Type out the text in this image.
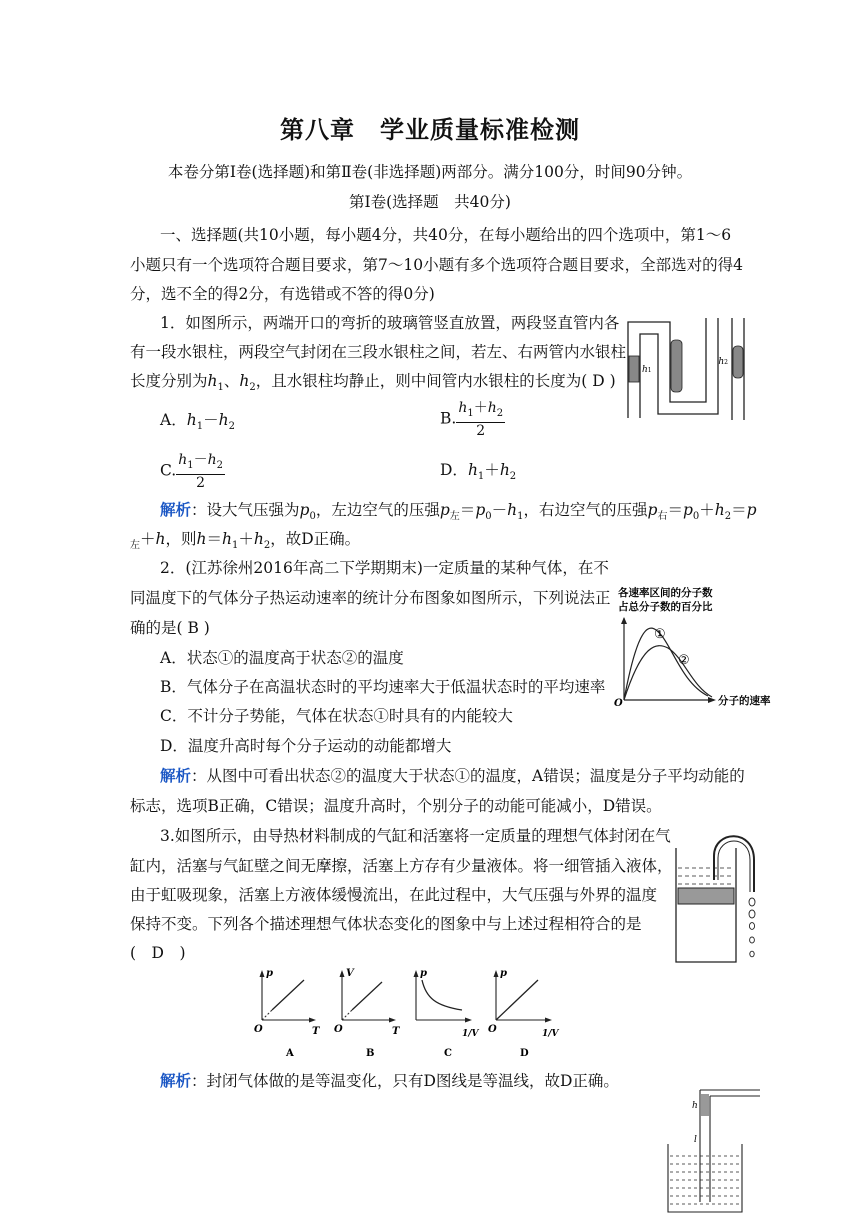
第八章　学业质量标准检测
本卷分第Ⅰ卷(选择题)和第Ⅱ卷(非选择题)两部分。满分100分，时间90分钟。
第Ⅰ卷(选择题　共40分)
一、选择题(共10小题，每小题4分，共40分，在每小题给出的四个选项中，第1～6
小题只有一个选项符合题目要求，第7～10小题有多个选项符合题目要求，全部选对的得4
分，选不全的得2分，有选错或不答的得0分)
1．如图所示，两端开口的弯折的玻璃管竖直放置，两段竖直管内各
有一段水银柱，两段空气封闭在三段水银柱之间，若左、右两管内水银柱
长度分别为$h_1$、$h_2$，且水银柱均静止，则中间管内水银柱的长度为( D )
A．$h_1-h_2$	B. $\frac{h_1+h_2}{2}$
C. $\frac{h_1-h_2}{2}$	D．$h_1+h_2$
解析：设大气压强为$p_0$，左边空气的压强$p_左=p_0-h_1$，右边空气的压强$p_右=p_0+h_2=p$
$_左$＋h，则$h=h_1+h_2$，故D正确。
h1
h2
2．(江苏徐州2016年高二下学期期末)一定质量的某种气体，在不
同温度下的气体分子热运动速率的统计分布图象如图所示，下列说法正
确的是( B )
A．状态①的温度高于状态②的温度
B．气体分子在高温状态时的平均速率大于低温状态时的平均速率
C．不计分子势能，气体在状态①时具有的内能较大
D．温度升高时每个分子运动的动能都增大
解析：从图中可看出状态②的温度大于状态①的温度，A错误；温度是分子平均动能的
标志，选项B正确，C错误；温度升高时，个别分子的动能可能减小，D错误。
各速率区间的分子数
占总分子数的百分比
O	分子的速率
①
②
3.如图所示，由导热材料制成的气缸和活塞将一定质量的理想气体封闭在气
缸内，活塞与气缸壁之间无摩擦，活塞上方存有少量液体。将一细管插入液体，
由于虹吸现象，活塞上方液体缓慢流出，在此过程中，大气压强与外界的温度
保持不变。下列各个描述理想气体状态变化的图象中与上述过程相符合的是
(　D　)
p
O	T
A
V
O	T
B
p
1/V
C
p
O	1/V
D
解析：封闭气体做的是等温变化，只有D图线是等温线，故D正确。
h
l
